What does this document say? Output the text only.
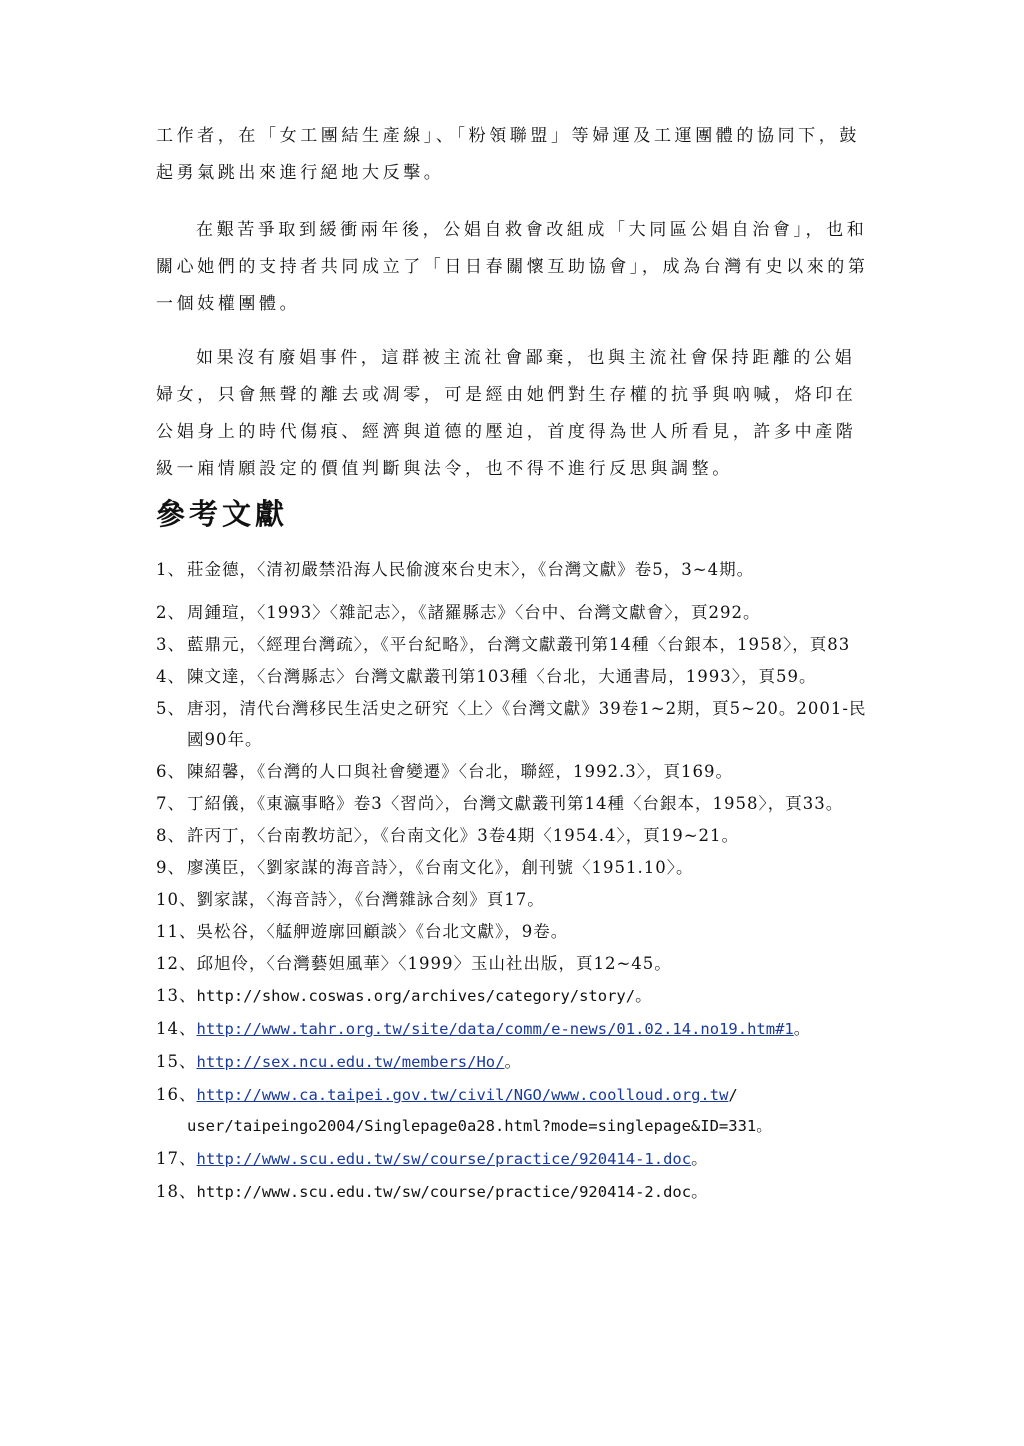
工作者，在「女工團結生產線」、「粉領聯盟」等婦運及工運團體的協同下，鼓起勇氣跳出來進行絕地大反擊。

在艱苦爭取到緩衝兩年後，公娼自救會改組成「大同區公娼自治會」，也和關心她們的支持者共同成立了「日日春關懷互助協會」，成為台灣有史以來的第一個妓權團體。

如果沒有廢娼事件，這群被主流社會鄙棄，也與主流社會保持距離的公娼婦女，只會無聲的離去或凋零，可是經由她們對生存權的抗爭與吶喊，烙印在公娼身上的時代傷痕、經濟與道德的壓迫，首度得為世人所看見，許多中產階級一廂情願設定的價值判斷與法令，也不得不進行反思與調整。

參考文獻
1、 莊金德，〈清初嚴禁沿海人民偷渡來台史末〉，《台灣文獻》卷5，3~4期。
2、 周鍾瑄，〈1993〉〈雜記志〉，《諸羅縣志》〈台中、台灣文獻會〉，頁292。
3、 藍鼎元，〈經理台灣疏〉，《平台紀略》，台灣文獻叢刊第14種〈台銀本，1958〉，頁83
4、 陳文達，〈台灣縣志〉台灣文獻叢刊第103種〈台北，大通書局，1993〉，頁59。
5、 唐羽，清代台灣移民生活史之研究〈上〉《台灣文獻》39卷1~2期，頁5~20。2001-民國90年。
6、 陳紹馨，《台灣的人口與社會變遷》〈台北，聯經，1992.3〉，頁169。
7、 丁紹儀，《東瀛事略》卷3〈習尚〉，台灣文獻叢刊第14種〈台銀本，1958〉，頁33。
8、 許丙丁，〈台南教坊記〉，《台南文化》3卷4期〈1954.4〉，頁19~21。
9、 廖漢臣，〈劉家謀的海音詩〉，《台南文化》，創刊號〈1951.10〉。
10、劉家謀，〈海音詩〉，《台灣雜詠合刻》頁17。
11、吳松谷，〈艋舺遊廓回顧談〉《台北文獻》，9卷。
12、邱旭伶，〈台灣藝妲風華〉〈1999〉玉山社出版，頁12~45。
13、http://show.coswas.org/archives/category/story/。
14、http://www.tahr.org.tw/site/data/comm/e-news/01.02.14.no19.htm#1。
15、http://sex.ncu.edu.tw/members/Ho/。
16、http://www.ca.taipei.gov.tw/civil/NGO/www.coolloud.org.tw/
user/taipeingo2004/Singlepage0a28.html?mode=singlepage&ID=331。
17、http://www.scu.edu.tw/sw/course/practice/920414-1.doc。
18、http://www.scu.edu.tw/sw/course/practice/920414-2.doc。
